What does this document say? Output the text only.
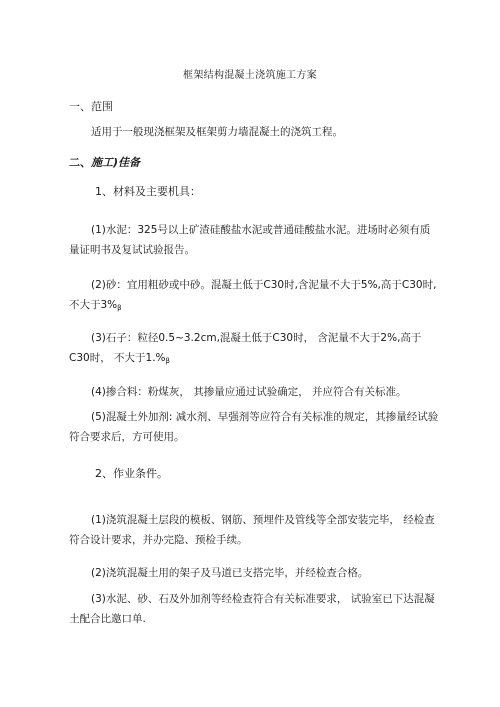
框架结构混凝土浇筑施工方案
一、范围
适用于一般现浇框架及框架剪力墙混凝土的浇筑工程。
二、施工)佳备
1、材料及主要机具：
(1)水泥：325号以上矿渣硅酸盐水泥或普通硅酸盐水泥。进场时必须有质量证明书及复试试验报告。
(2)砂：宜用粗砂或中砂。混凝土低于C30时,含泥量不大于5%,高于C30时,不大于$3\%_\beta$
(3)石子：粒径0.5~3.2cm,混凝土低于C30时， 含泥量不大于2%,高于C30时， 不大于$1.\%_\beta$
(4)掺合料：粉煤灰， 其掺量应通过试验确定， 并应符合有关标准。
(5)混凝土外加剂: 减水剂、早强剂等应符合有关标准的规定，其掺量经试验符合要求后，方可使用。
2、作业条件。
(1)浇筑混凝土层段的模板、钢筋、预埋件及管线等全部安装完毕， 经检查符合设计要求，并办完隐、预检手续。
(2)浇筑混凝土用的架子及马道已支搭完毕，并经检查合格。
(3)水泥、砂、石及外加剂等经检查符合有关标准要求， 试验室已下达混凝土配合比邀口单.
